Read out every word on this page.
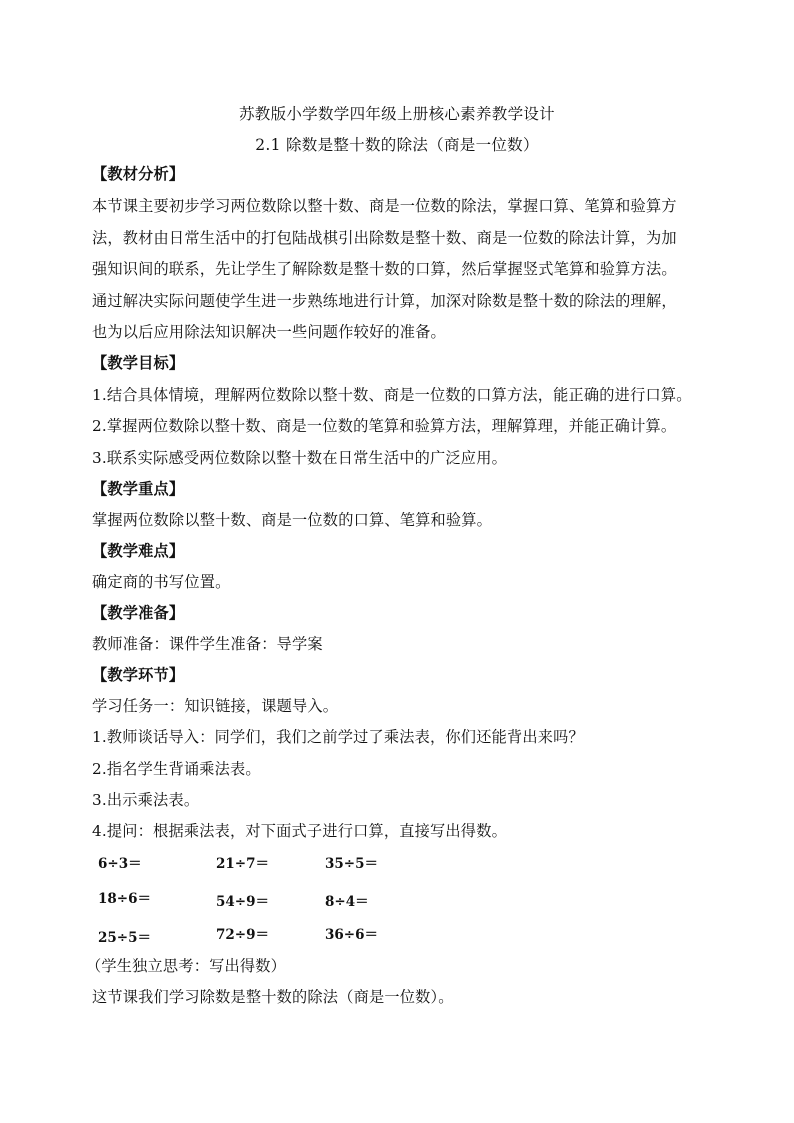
苏教版小学数学四年级上册核心素养教学设计
2.1 除数是整十数的除法（商是一位数）
【教材分析】
本节课主要初步学习两位数除以整十数、商是一位数的除法，掌握口算、笔算和验算方
法，教材由日常生活中的打包陆战棋引出除数是整十数、商是一位数的除法计算，为加
强知识间的联系，先让学生了解除数是整十数的口算，然后掌握竖式笔算和验算方法。
通过解决实际问题使学生进一步熟练地进行计算，加深对除数是整十数的除法的理解，
也为以后应用除法知识解决一些问题作较好的准备。
【教学目标】
1.结合具体情境，理解两位数除以整十数、商是一位数的口算方法，能正确的进行口算。
2.掌握两位数除以整十数、商是一位数的笔算和验算方法，理解算理，并能正确计算。
3.联系实际感受两位数除以整十数在日常生活中的广泛应用。
【教学重点】
掌握两位数除以整十数、商是一位数的口算、笔算和验算。
【教学难点】
确定商的书写位置。
【教学准备】
教师准备：课件学生准备：导学案
【教学环节】
学习任务一：知识链接，课题导入。
1.教师谈话导入：同学们，我们之前学过了乘法表，你们还能背出来吗？
2.指名学生背诵乘法表。
3.出示乘法表。
4.提问：根据乘法表，对下面式子进行口算，直接写出得数。
6÷3＝	21÷7＝	35÷5＝
18÷6＝	54÷9＝	8÷4＝
25÷5＝	72÷9＝	36÷6＝
（学生独立思考：写出得数）
这节课我们学习除数是整十数的除法（商是一位数）。
